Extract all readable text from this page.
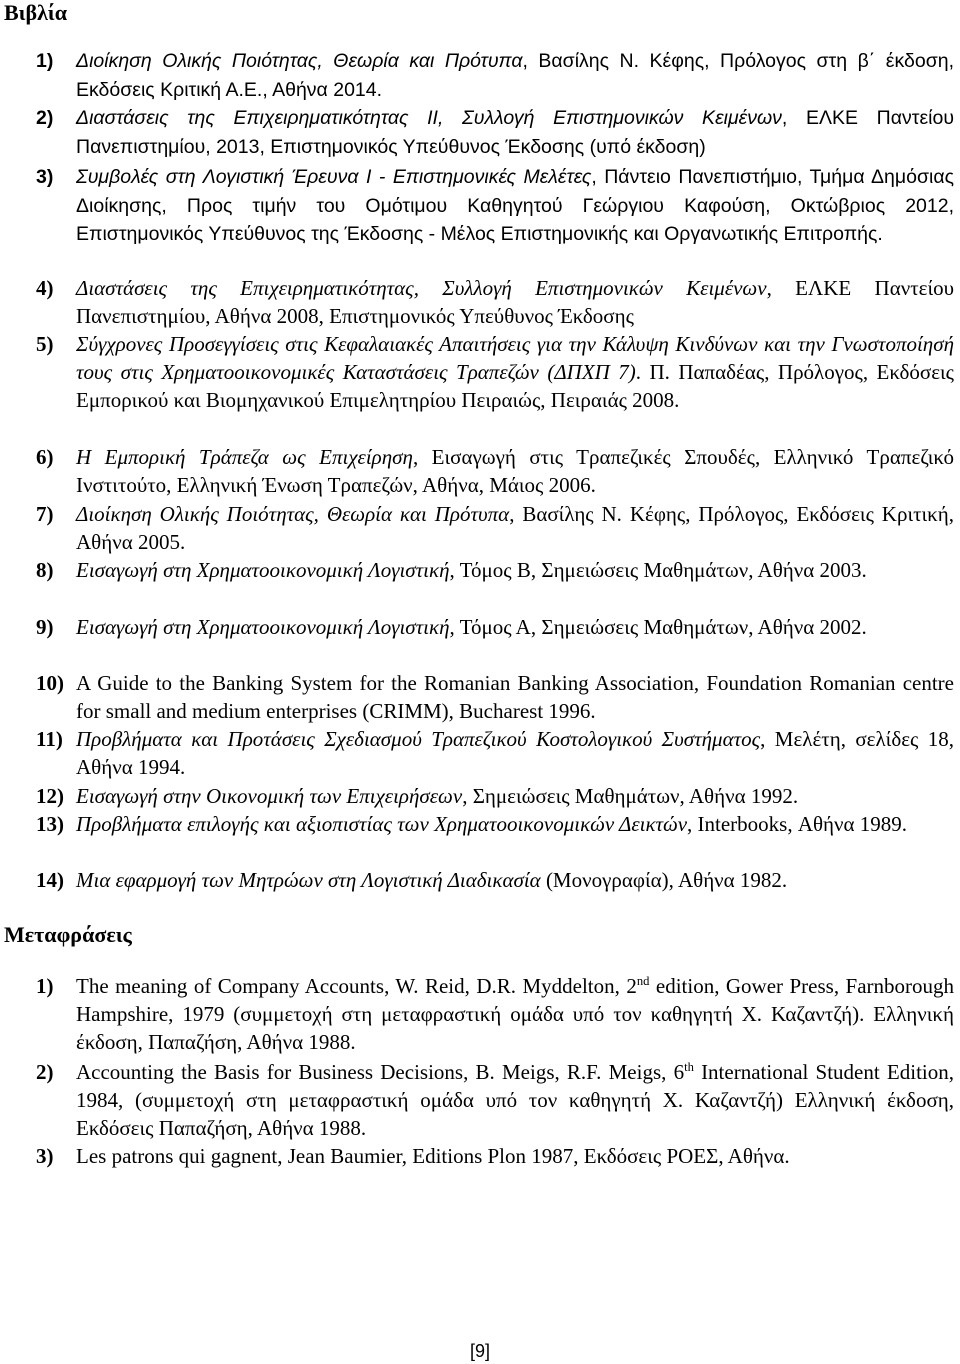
Βιβλία
1)	Διοίκηση Ολικής Ποιότητας, Θεωρία και Πρότυπα, Βασίλης Ν. Κέφης, Πρόλογος στη β΄ έκδοση, Εκδόσεις Κριτική Α.Ε., Αθήνα 2014.
2)	Διαστάσεις της Επιχειρηματικότητας ΙΙ, Συλλογή Επιστημονικών Κειμένων, ΕΛΚΕ Παντείου Πανεπιστημίου, 2013, Επιστημονικός Υπεύθυνος Έκδοσης (υπό έκδοση)
3)	Συμβολές στη Λογιστική Έρευνα Ι - Επιστημονικές Μελέτες, Πάντειο Πανεπιστήμιο, Τμήμα Δημόσιας Διοίκησης, Προς τιμήν του Ομότιμου Καθηγητού Γεώργιου Καφούση, Οκτώβριος 2012, Επιστημονικός Υπεύθυνος της Έκδοσης - Μέλος Επιστημονικής και Οργανωτικής Επιτροπής.
4)	Διαστάσεις της Επιχειρηματικότητας, Συλλογή Επιστημονικών Κειμένων, ΕΛΚΕ Παντείου Πανεπιστημίου, Αθήνα 2008, Επιστημονικός Υπεύθυνος Έκδοσης
5)	Σύγχρονες Προσεγγίσεις στις Κεφαλαιακές Απαιτήσεις για την Κάλυψη Κινδύνων και την Γνωστοποίησή τους στις Χρηματοοικονομικές Καταστάσεις Τραπεζών (ΔΠΧΠ 7). Π. Παπαδέας, Πρόλογος, Εκδόσεις Εμπορικού και Βιομηχανικού Επιμελητηρίου Πειραιώς, Πειραιάς 2008.
6)	Η Εμπορική Τράπεζα ως Επιχείρηση, Εισαγωγή στις Τραπεζικές Σπουδές, Ελληνικό Τραπεζικό Ινστιτούτο, Ελληνική Ένωση Τραπεζών, Αθήνα, Μάιος 2006.
7)	Διοίκηση Ολικής Ποιότητας, Θεωρία και Πρότυπα, Βασίλης Ν. Κέφης, Πρόλογος, Εκδόσεις Κριτική, Αθήνα 2005.
8)	Εισαγωγή στη Χρηματοοικονομική Λογιστική, Τόμος Β, Σημειώσεις Μαθημάτων, Αθήνα 2003.
9)	Εισαγωγή στη Χρηματοοικονομική Λογιστική, Τόμος Α, Σημειώσεις Μαθημάτων, Αθήνα 2002.
10) A Guide to the Banking System for the Romanian Banking Association, Foundation Romanian centre for small and medium enterprises (CRIMM), Bucharest 1996.
11) Προβλήματα και Προτάσεις Σχεδιασμού Τραπεζικού Κοστολογικού Συστήματος, Μελέτη, σελίδες 18, Αθήνα 1994.
12) Εισαγωγή στην Οικονομική των Επιχειρήσεων, Σημειώσεις Μαθημάτων, Αθήνα 1992.
13) Προβλήματα επιλογής και αξιοπιστίας των Χρηματοοικονομικών Δεικτών, Interbooks, Αθήνα 1989.
14) Μια εφαρμογή των Μητρώων στη Λογιστική Διαδικασία (Μονογραφία), Αθήνα 1982.
Μεταφράσεις
1)	The meaning of Company Accounts, W. Reid, D.R. Myddelton, 2nd edition, Gower Press, Farnborough Hampshire, 1979 (συμμετοχή στη μεταφραστική ομάδα υπό τον καθηγητή Χ. Καζαντζή). Ελληνική έκδοση, Παπαζήση, Αθήνα 1988.
2)	Accounting the Basis for Business Decisions, B. Meigs, R.F. Meigs, 6th International Student Edition, 1984, (συμμετοχή στη μεταφραστική ομάδα υπό τον καθηγητή Χ. Καζαντζή) Ελληνική έκδοση, Εκδόσεις Παπαζήση, Αθήνα 1988.
3)	Les patrons qui gagnent, Jean Baumier, Editions Plon 1987, Εκδόσεις ΡΟΕΣ, Αθήνα.
[9]
